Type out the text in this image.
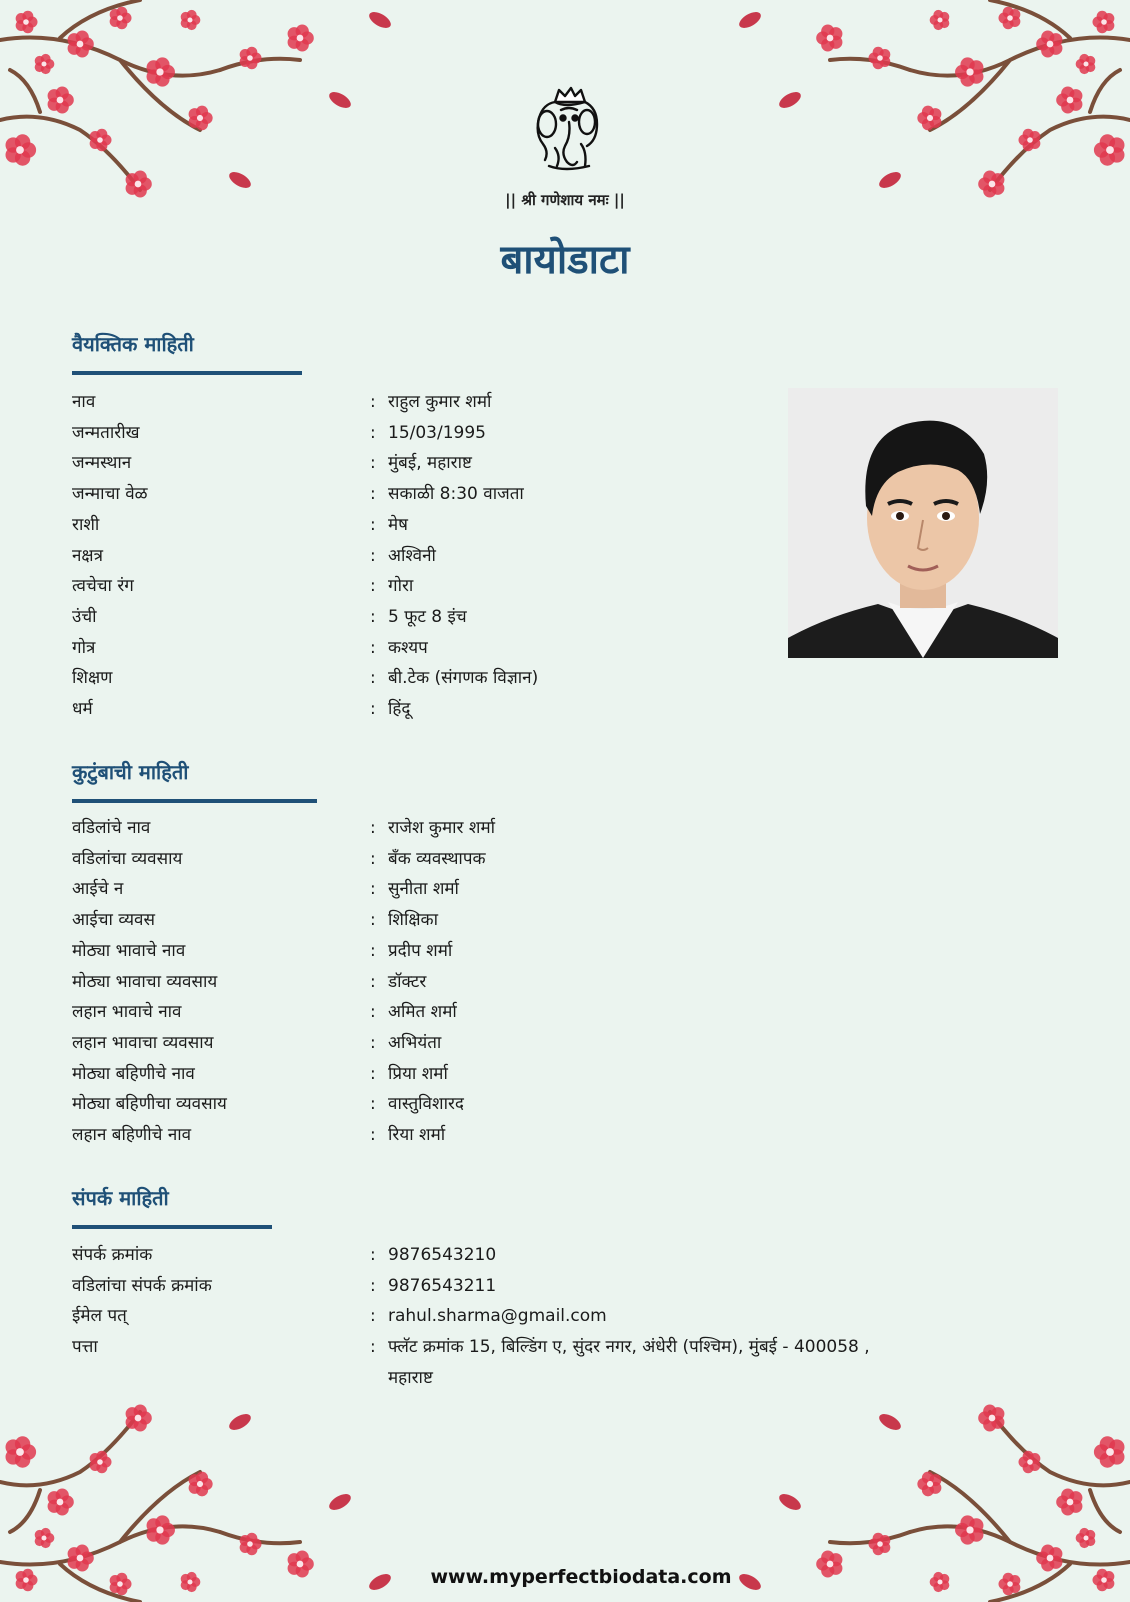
|| श्री गणेशाय नमः ||
बायोडाटा
वैयक्तिक माहिती
नाव	: राहुल कुमार शर्मा
जन्मतारीख	: 15/03/1995
जन्मस्थान	: मुंबई, महाराष्ट
जन्माचा वेळ	: सकाळी 8:30 वाजता
राशी	: मेष
नक्षत्र	: अश्विनी
त्वचेचा रंग	: गोरा
उंची	: 5 फूट 8 इंच
गोत्र	: कश्यप
शिक्षण	: बी.टेक (संगणक विज्ञान)
धर्म	: हिंदू
कुटुंबाची माहिती
वडिलांचे नाव	: राजेश कुमार शर्मा
वडिलांचा व्यवसाय	: बँक व्यवस्थापक
आईचे न	: सुनीता शर्मा
आईचा व्यवस	: शिक्षिका
मोठ्या भावाचे नाव	: प्रदीप शर्मा
मोठ्या भावाचा व्यवसाय	: डॉक्टर
लहान भावाचे नाव	: अमित शर्मा
लहान भावाचा व्यवसाय	: अभियंता
मोठ्या बहिणीचे नाव	: प्रिया शर्मा
मोठ्या बहिणीचा व्यवसाय	: वास्तुविशारद
लहान बहिणीचे नाव	: रिया शर्मा
संपर्क माहिती
संपर्क क्रमांक	: 9876543210
वडिलांचा संपर्क क्रमांक	: 9876543211
ईमेल पत्	: rahul.sharma@gmail.com
पत्ता	: फ्लॅट क्रमांक 15, बिल्डिंग ए, सुंदर नगर, अंधेरी (पश्चिम), मुंबई - 400058 , महाराष्ट
www.myperfectbiodata.com
